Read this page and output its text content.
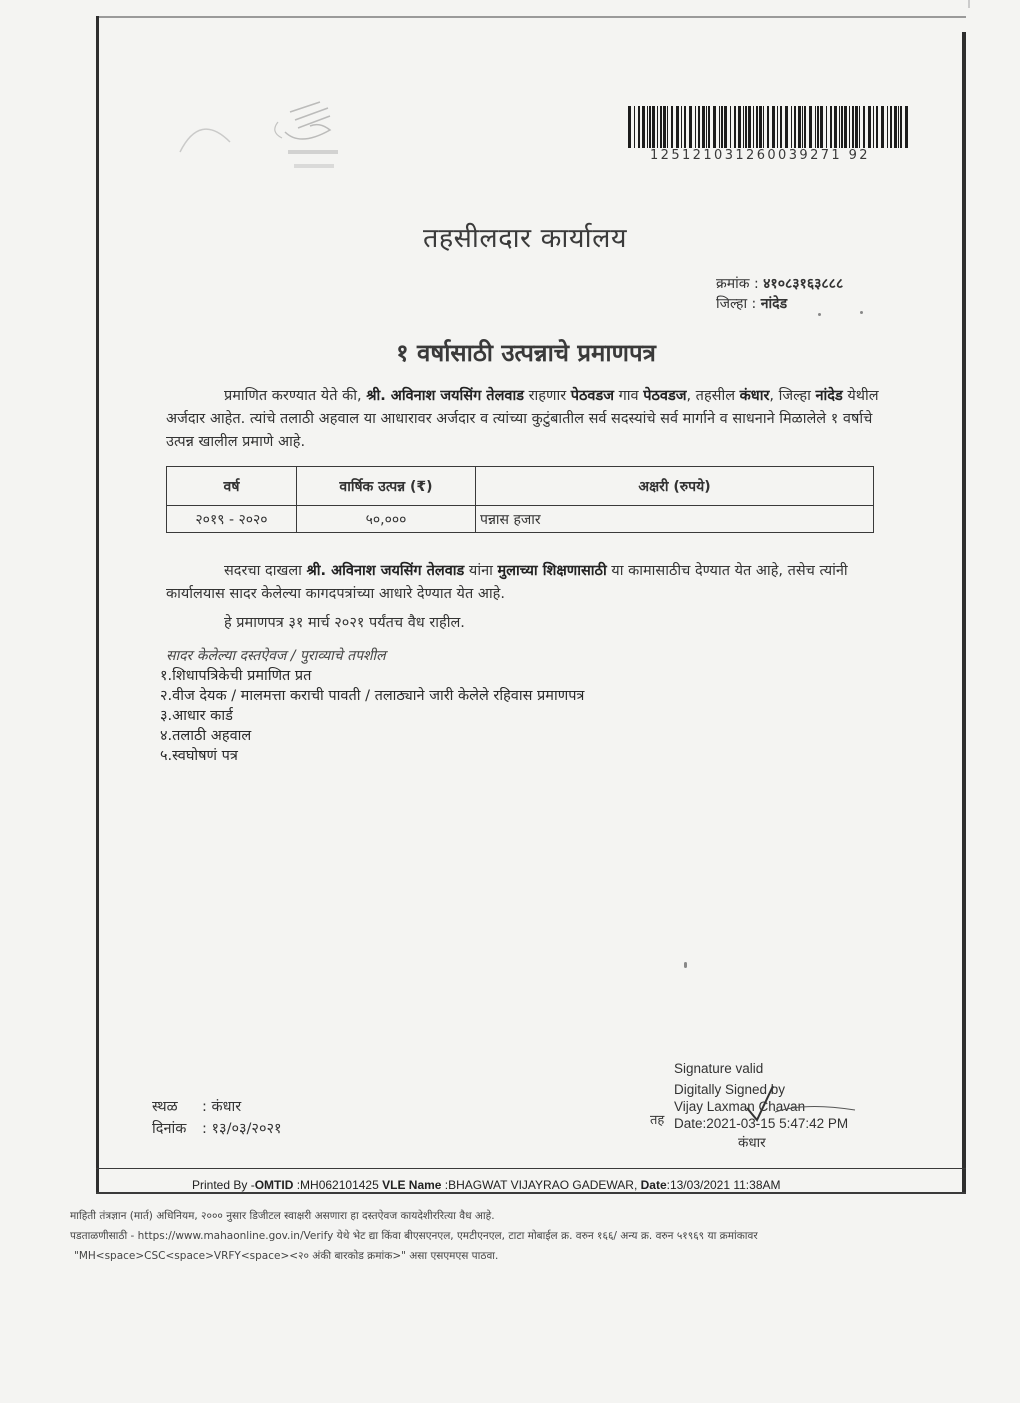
125121031260039271 92
तहसीलदार कार्यालय
क्रमांक : ४१०८३१६३८८८
जिल्हा : नांदेड
१ वर्षासाठी उत्पन्नाचे प्रमाणपत्र
प्रमाणित करण्यात येते की, श्री. अविनाश जयसिंग तेलवाड राहणार पेठवडज गाव पेठवडज, तहसील कंधार, जिल्हा नांदेड येथील अर्जदार आहेत. त्यांचे तलाठी अहवाल या आधारावर अर्जदार व त्यांच्या कुटुंबातील सर्व सदस्यांचे सर्व मार्गाने व साधनाने मिळालेले १ वर्षाचे उत्पन्न खालील प्रमाणे आहे.
वर्ष	वार्षिक उत्पन्न (₹)	अक्षरी (रुपये)
२०१९ - २०२०	५०,०००	पन्नास हजार
सदरचा दाखला श्री. अविनाश जयसिंग तेलवाड यांना मुलाच्या शिक्षणासाठी या कामासाठीच देण्यात येत आहे, तसेच त्यांनी कार्यालयास सादर केलेल्या कागदपत्रांच्या आधारे देण्यात येत आहे.
हे प्रमाणपत्र ३१ मार्च २०२१ पर्यंतच वैध राहील.
सादर केलेल्या दस्तऐवज / पुराव्याचे तपशील
१.शिधापत्रिकेची प्रमाणित प्रत
२.वीज देयक / मालमत्ता कराची पावती / तलाठ्याने जारी केलेले रहिवास प्रमाणपत्र
३.आधार कार्ड
४.तलाठी अहवाल
५.स्वघोषणं पत्र
स्थळ : कंधार
दिनांक : १३/०३/२०२१
Signature valid
Digitally Signed by
Vijay Laxman Chavan
Date:2021-03-15 5:47:42 PM
तह
कंधार
Printed By -OMTID :MH062101425 VLE Name :BHAGWAT VIJAYRAO GADEWAR, Date:13/03/2021 11:38AM
माहिती तंत्रज्ञान (मार्त) अधिनियम, २००० नुसार डिजीटल स्वाक्षरी असणारा हा दस्तऐवज कायदेशीररित्या वैध आहे.
पडताळणीसाठी - https://www.mahaonline.gov.in/Verify येथे भेट द्या किंवा बीएसएनएल, एमटीएनएल, टाटा मोबाईल क्र. वरुन १६६/ अन्य क्र. वरुन ५१९६९ या क्रमांकावर
"MH<space>CSC<space>VRFY<space><२० अंकी बारकोड क्रमांक>" असा एसएमएस पाठवा.
